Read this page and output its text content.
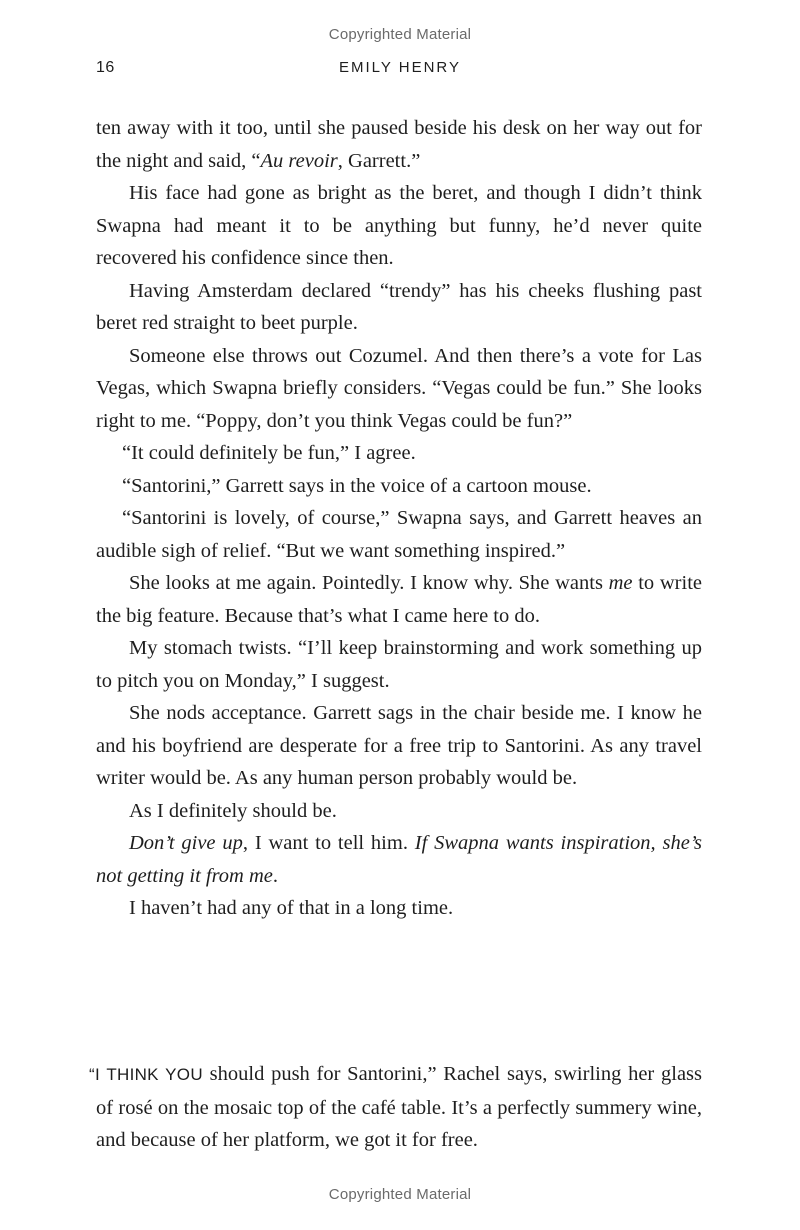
Copyrighted Material
16	EMILY HENRY

ten away with it too, until she paused beside his desk on her way out for the night and said, “Au revoir, Garrett.”

His face had gone as bright as the beret, and though I didn’t think Swapna had meant it to be anything but funny, he’d never quite recovered his confidence since then.

Having Amsterdam declared “trendy” has his cheeks flushing past beret red straight to beet purple.

Someone else throws out Cozumel. And then there’s a vote for Las Vegas, which Swapna briefly considers. “Vegas could be fun.” She looks right to me. “Poppy, don’t you think Vegas could be fun?”

“It could definitely be fun,” I agree.

“Santorini,” Garrett says in the voice of a cartoon mouse.

“Santorini is lovely, of course,” Swapna says, and Garrett heaves an audible sigh of relief. “But we want something inspired.”

She looks at me again. Pointedly. I know why. She wants me to write the big feature. Because that’s what I came here to do.

My stomach twists. “I’ll keep brainstorming and work something up to pitch you on Monday,” I suggest.

She nods acceptance. Garrett sags in the chair beside me. I know he and his boyfriend are desperate for a free trip to Santorini. As any travel writer would be. As any human person probably would be.

As I definitely should be.

Don’t give up, I want to tell him. If Swapna wants inspiration, she’s not getting it from me.

I haven’t had any of that in a long time.

“I THINK YOU should push for Santorini,” Rachel says, swirling her glass of rosé on the mosaic top of the café table. It’s a perfectly summery wine, and because of her platform, we got it for free.

Copyrighted Material
